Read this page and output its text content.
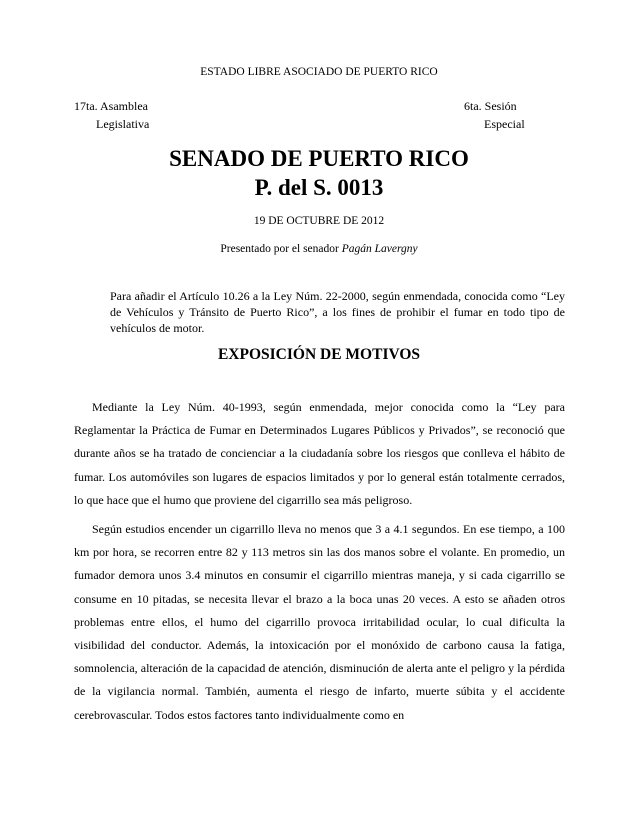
ESTADO LIBRE ASOCIADO DE PUERTO RICO
17ta. Asamblea
Legislativa
6ta. Sesión
Especial
SENADO DE PUERTO RICO
P. del S. 0013
19 DE OCTUBRE DE 2012
Presentado por el senador Pagán Lavergny
Para añadir el Artículo 10.26 a la Ley Núm. 22-2000, según enmendada, conocida como “Ley de Vehículos y Tránsito de Puerto Rico”, a los fines de prohibir el fumar en todo tipo de vehículos de motor.
EXPOSICIÓN DE MOTIVOS
Mediante la Ley Núm. 40-1993, según enmendada, mejor conocida como la “Ley para Reglamentar la Práctica de Fumar en Determinados Lugares Públicos y Privados”, se reconoció que durante años se ha tratado de concienciar a la ciudadanía sobre los riesgos que conlleva el hábito de fumar. Los automóviles son lugares de espacios limitados y por lo general están totalmente cerrados, lo que hace que el humo que proviene del cigarrillo sea más peligroso.
Según estudios encender un cigarrillo lleva no menos que 3 a 4.1 segundos. En ese tiempo, a 100 km por hora, se recorren entre 82 y 113 metros sin las dos manos sobre el volante. En promedio, un fumador demora unos 3.4 minutos en consumir el cigarrillo mientras maneja, y si cada cigarrillo se consume en 10 pitadas, se necesita llevar el brazo a la boca unas 20 veces. A esto se añaden otros problemas entre ellos, el humo del cigarrillo provoca irritabilidad ocular, lo cual dificulta la visibilidad del conductor. Además, la intoxicación por el monóxido de carbono causa la fatiga, somnolencia, alteración de la capacidad de atención, disminución de alerta ante el peligro y la pérdida de la vigilancia normal. También, aumenta el riesgo de infarto, muerte súbita y el accidente cerebrovascular. Todos estos factores tanto individualmente como en
